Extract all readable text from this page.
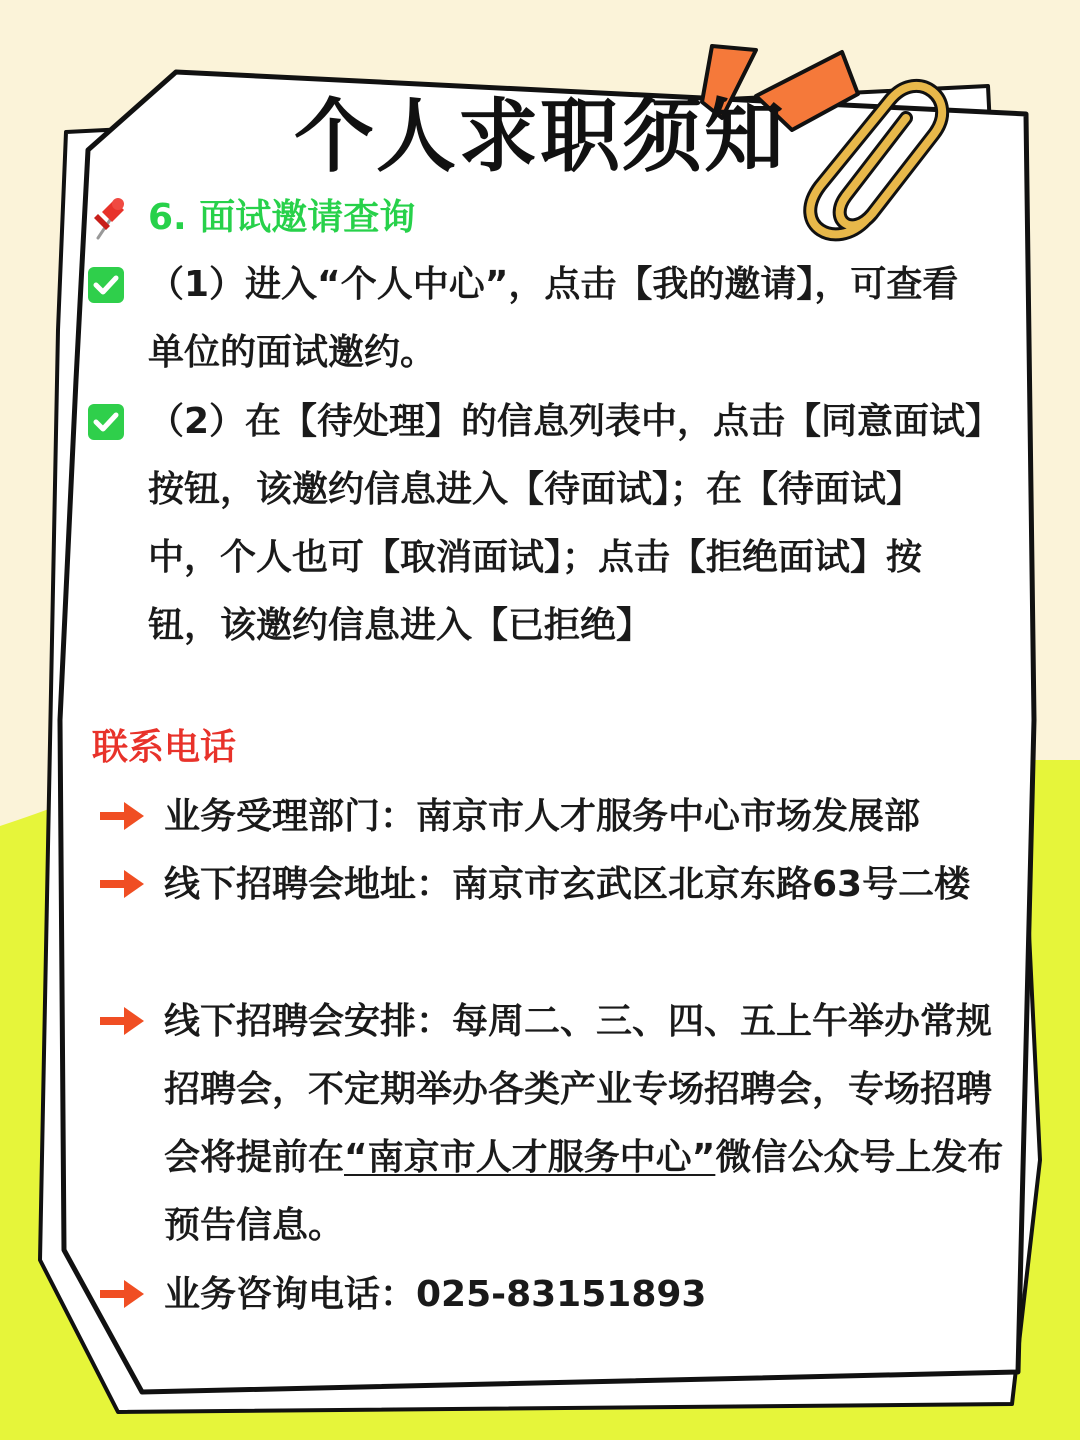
个人求职须知
6. 面试邀请查询

（1）进入“个人中心”，点击【我的邀请】，可查看单位的面试邀约。

（2）在【待处理】的信息列表中，点击【同意面试】按钮，该邀约信息进入【待面试】；在【待面试】中，个人也可【取消面试】；点击【拒绝面试】按钮，该邀约信息进入【已拒绝】

联系电话

业务受理部门：南京市人才服务中心市场发展部

线下招聘会地址：南京市玄武区北京东路63号二楼

线下招聘会安排：每周二、三、四、五上午举办常规招聘会，不定期举办各类产业专场招聘会，专场招聘会将提前在“南京市人才服务中心”微信公众号上发布预告信息。

业务咨询电话：025-83151893
